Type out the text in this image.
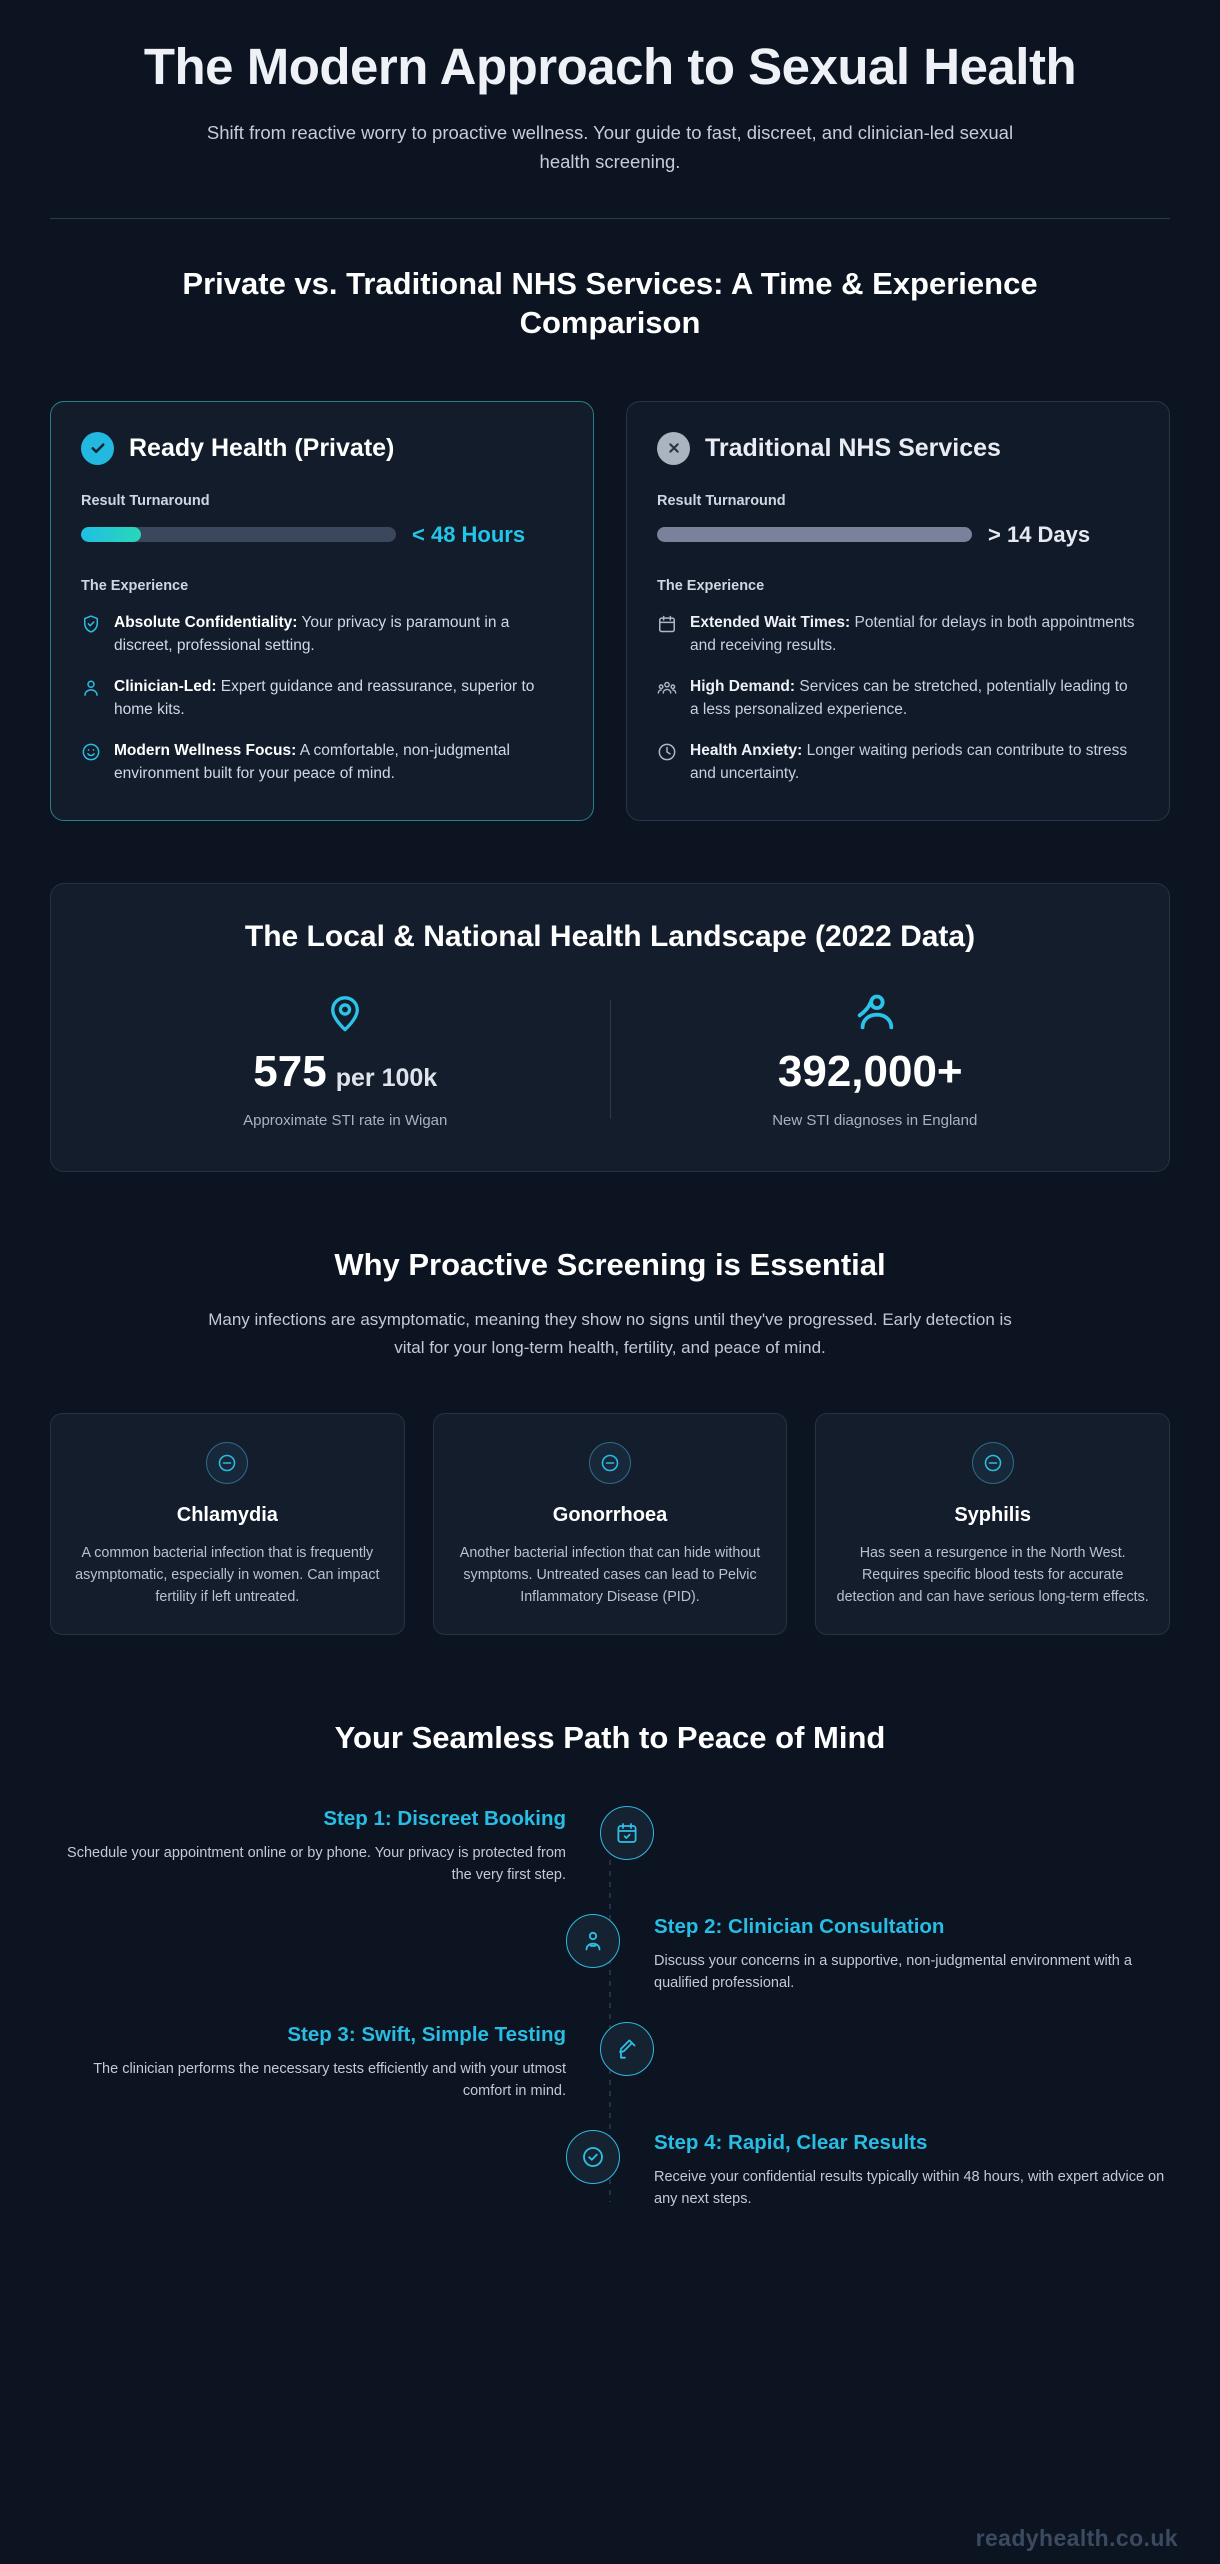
The Modern Approach to Sexual Health

Shift from reactive worry to proactive wellness. Your guide to fast, discreet, and clinician-led sexual health screening.

Private vs. Traditional NHS Services: A Time & Experience Comparison
Ready Health (Private)
Result Turnaround
< 48 Hours
The Experience
Absolute Confidentiality: Your privacy is paramount in a discreet, professional setting.
Clinician-Led: Expert guidance and reassurance, superior to home kits.
Modern Wellness Focus: A comfortable, non-judgmental environment built for your peace of mind.
Traditional NHS Services
Result Turnaround
> 14 Days
The Experience
Extended Wait Times: Potential for delays in both appointments and receiving results.
High Demand: Services can be stretched, potentially leading to a less personalized experience.
Health Anxiety: Longer waiting periods can contribute to stress and uncertainty.
The Local & National Health Landscape (2022 Data)
575 per 100k
Approximate STI rate in Wigan
392,000+
New STI diagnoses in England
Why Proactive Screening is Essential
Many infections are asymptomatic, meaning they show no signs until they've progressed. Early detection is vital for your long-term health, fertility, and peace of mind.
Chlamydia

A common bacterial infection that is frequently asymptomatic, especially in women. Can impact fertility if left untreated.

Gonorrhoea

Another bacterial infection that can hide without symptoms. Untreated cases can lead to Pelvic Inflammatory Disease (PID).

Syphilis

Has seen a resurgence in the North West. Requires specific blood tests for accurate detection and can have serious long-term effects.

Your Seamless Path to Peace of Mind
Step 1: Discreet Booking
Schedule your appointment online or by phone. Your privacy is protected from the very first step.
Step 2: Clinician Consultation
Discuss your concerns in a supportive, non-judgmental environment with a qualified professional.
Step 3: Swift, Simple Testing
The clinician performs the necessary tests efficiently and with your utmost comfort in mind.
Step 4: Rapid, Clear Results
Receive your confidential results typically within 48 hours, with expert advice on any next steps.
readyhealth.co.uk
